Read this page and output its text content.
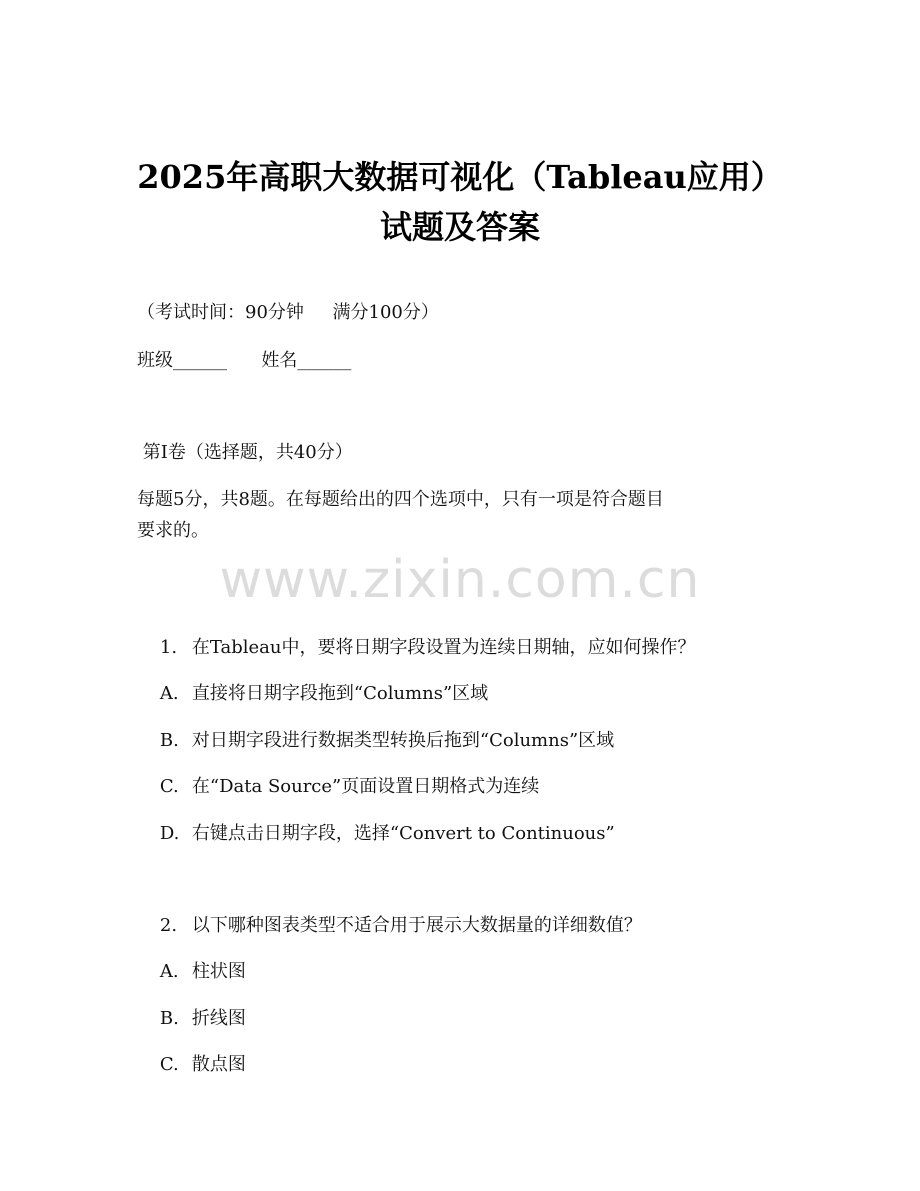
2025年高职大数据可视化（Tableau应用）
试题及答案
（考试时间：90分钟     满分100分）
班级______      姓名______
第Ⅰ卷（选择题，共40分）
每题5分，共8题。在每题给出的四个选项中，只有一项是符合题目
要求的。
www.zixin.com.cn

1. 在Tableau中，要将日期字段设置为连续日期轴，应如何操作？

A. 直接将日期字段拖到“Columns”区域

B. 对日期字段进行数据类型转换后拖到“Columns”区域

C. 在“Data Source”页面设置日期格式为连续

D. 右键点击日期字段，选择“Convert to Continuous”

2. 以下哪种图表类型不适合用于展示大数据量的详细数值？

A. 柱状图

B. 折线图

C. 散点图
